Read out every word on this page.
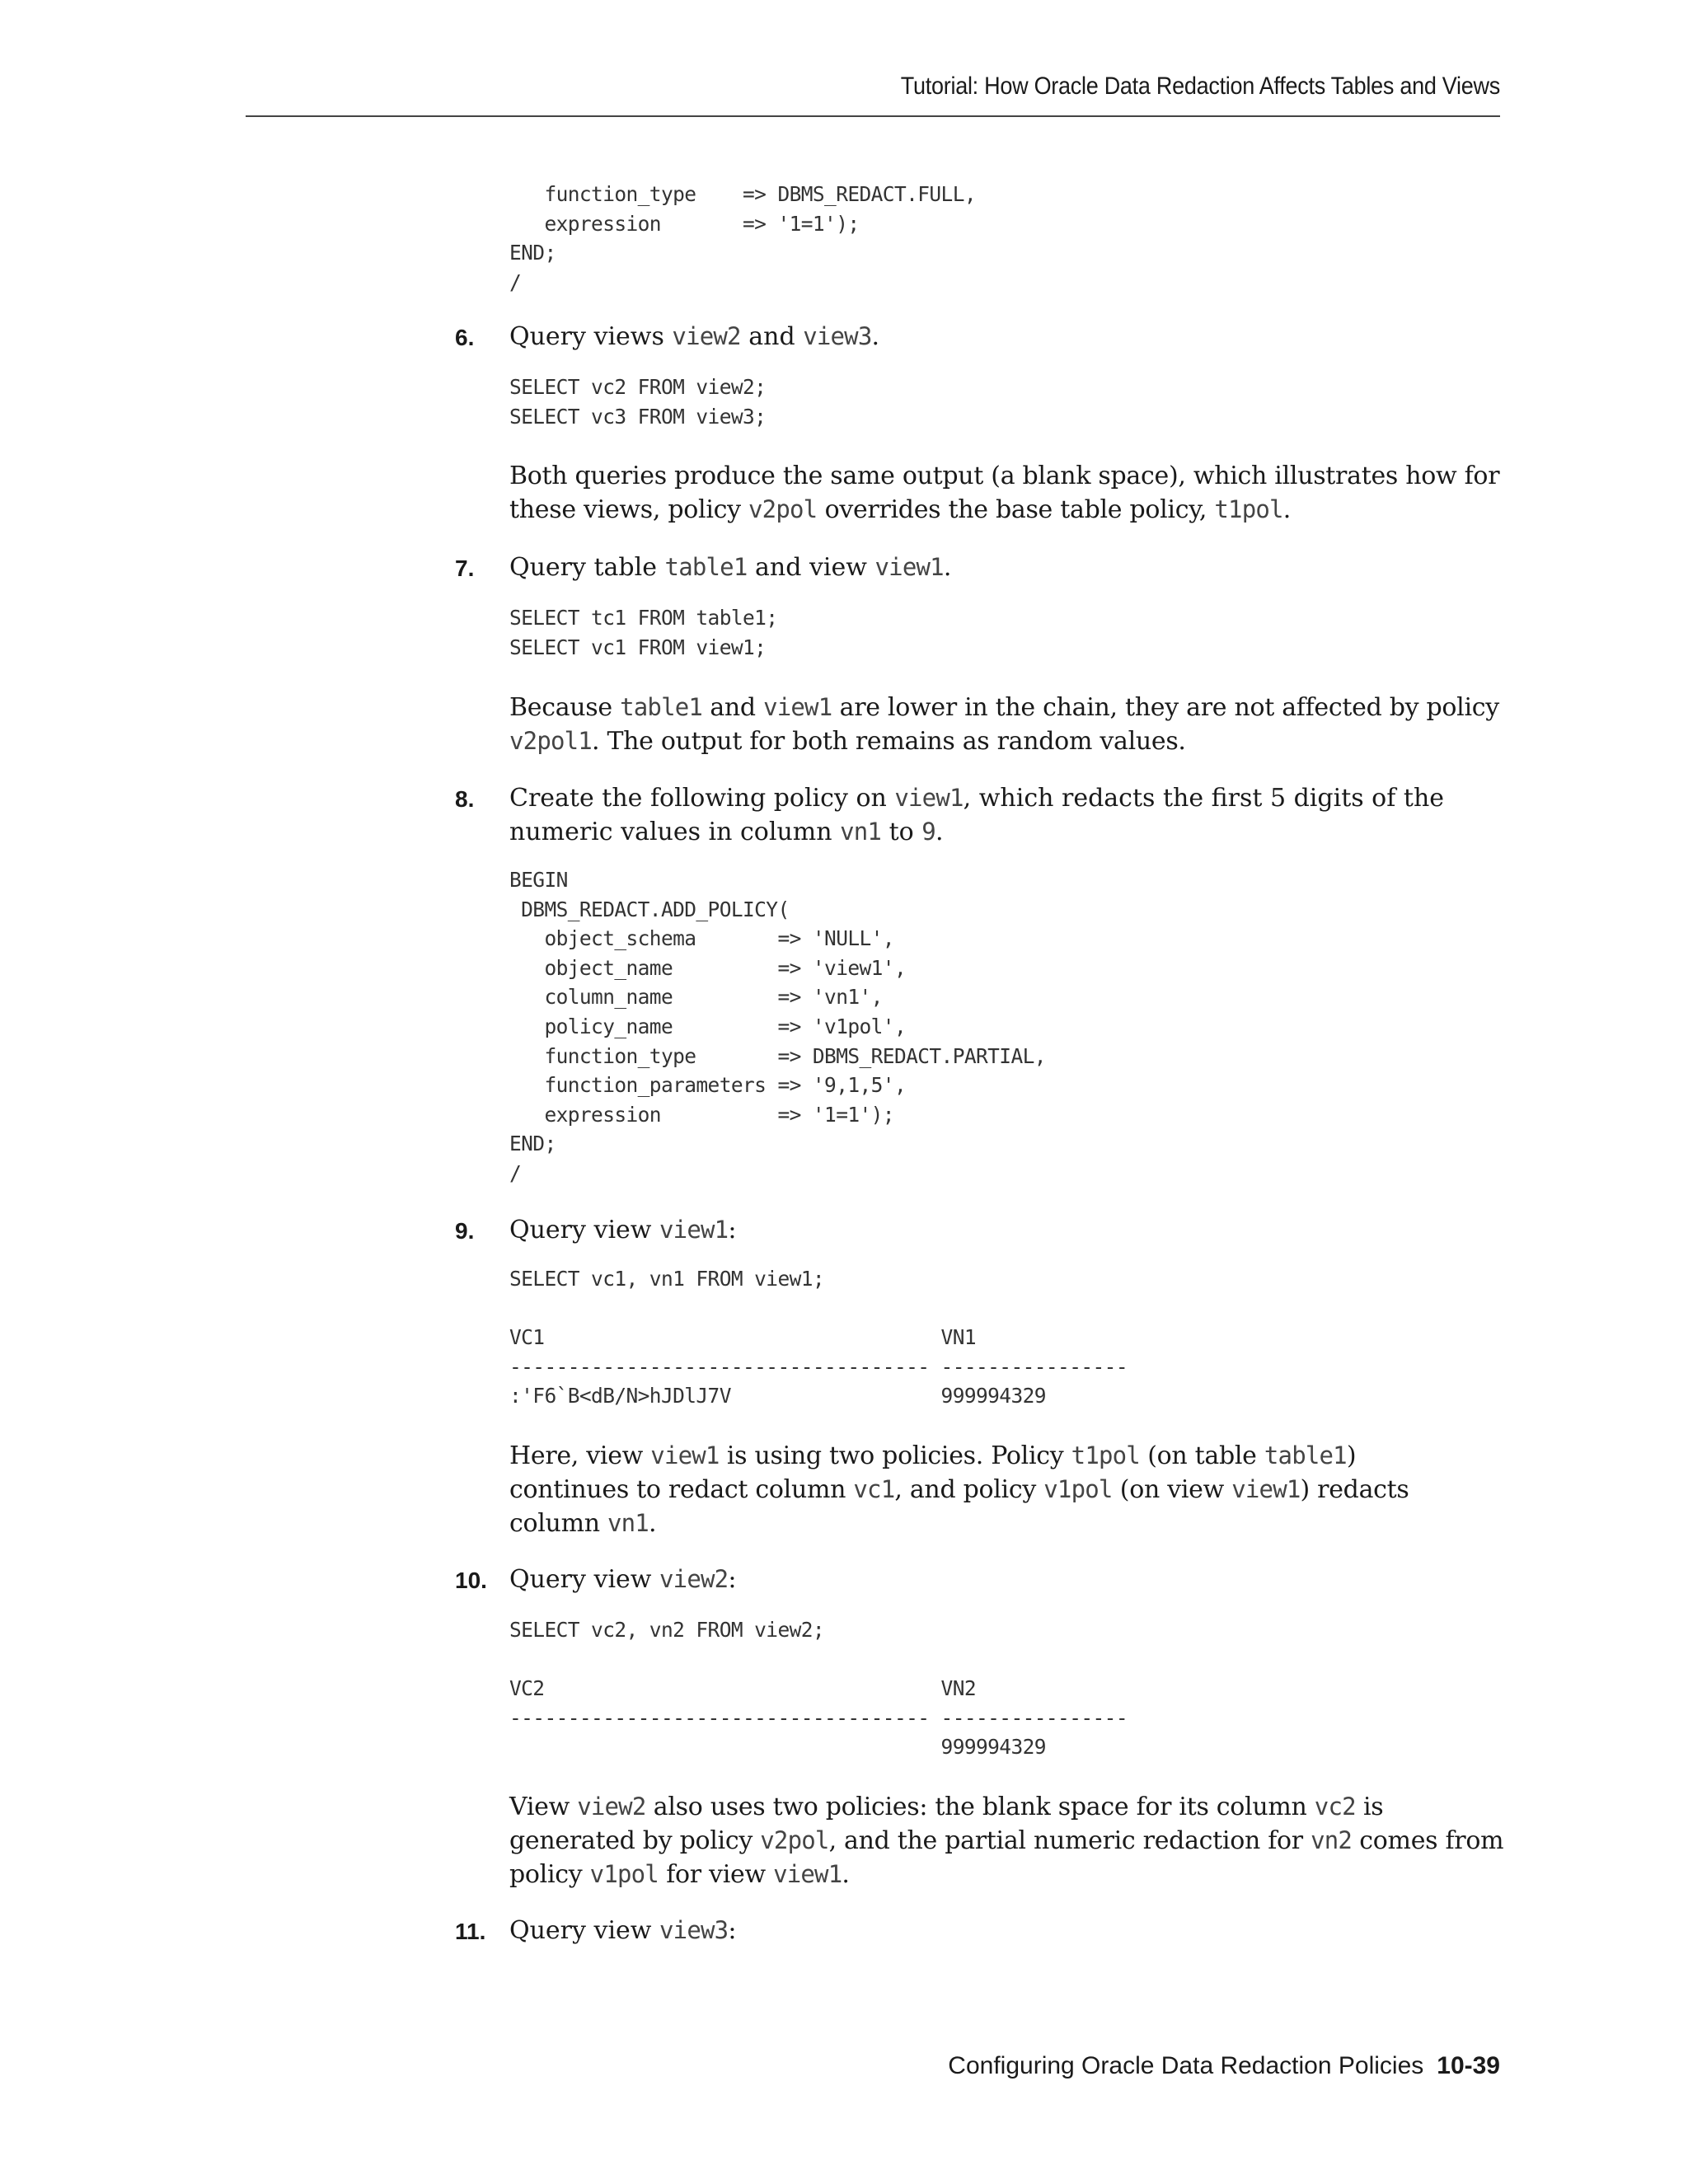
Tutorial: How Oracle Data Redaction Affects Tables and Views
function_type    => DBMS_REDACT.FULL,
expression       => '1=1');
END;
/
6. Query views view2 and view3.
SELECT vc2 FROM view2;
SELECT vc3 FROM view3;
Both queries produce the same output (a blank space), which illustrates how for
these views, policy v2pol overrides the base table policy, t1pol.
7. Query table table1 and view view1.
SELECT tc1 FROM table1;
SELECT vc1 FROM view1;
Because table1 and view1 are lower in the chain, they are not affected by policy
v2pol1. The output for both remains as random values.
8. Create the following policy on view1, which redacts the first 5 digits of the
numeric values in column vn1 to 9.
BEGIN
DBMS_REDACT.ADD_POLICY(
object_schema       => 'NULL',
object_name         => 'view1',
column_name         => 'vn1',
policy_name         => 'v1pol',
function_type       => DBMS_REDACT.PARTIAL,
function_parameters => '9,1,5',
expression          => '1=1');
END;
/
9. Query view view1:
SELECT vc1, vn1 FROM view1;

VC1                                  VN1
------------------------------------ ----------------
:'F6`B<dB/N>hJDlJ7V                  999994329
Here, view view1 is using two policies. Policy t1pol (on table table1)
continues to redact column vc1, and policy v1pol (on view view1) redacts
column vn1.
10. Query view view2:
SELECT vc2, vn2 FROM view2;

VC2                                  VN2
------------------------------------ ----------------
999994329
View view2 also uses two policies: the blank space for its column vc2 is
generated by policy v2pol, and the partial numeric redaction for vn2 comes from
policy v1pol for view view1.
11. Query view view3:
Configuring Oracle Data Redaction Policies 10-39
